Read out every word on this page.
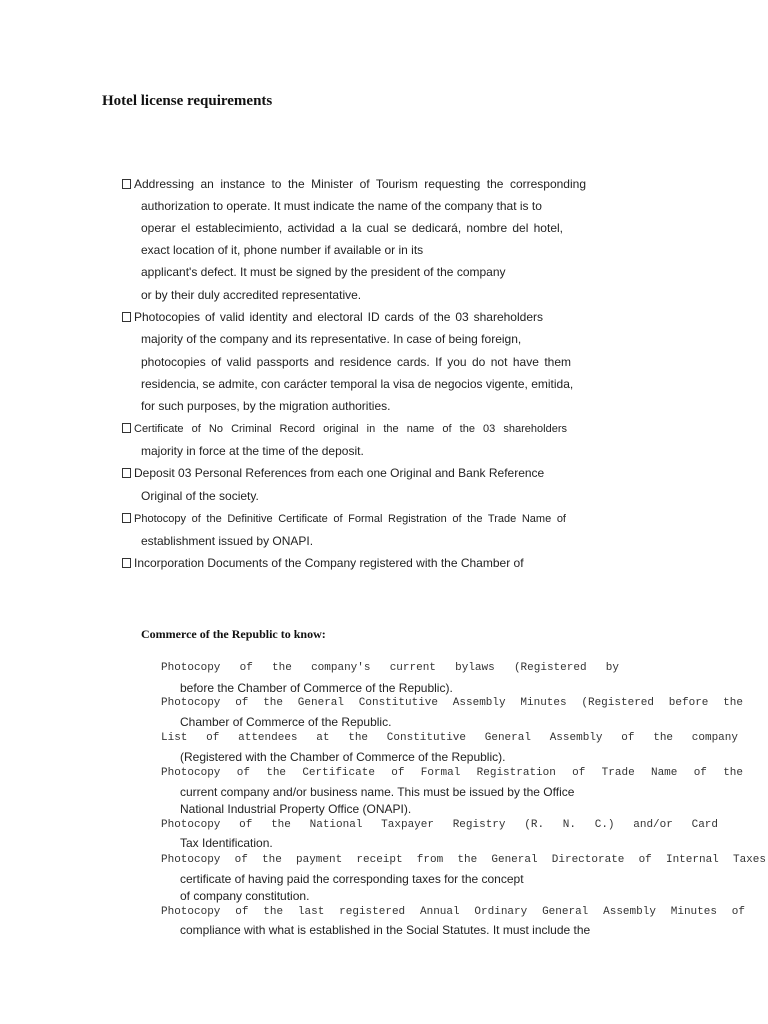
Hotel license requirements
Addressing an instance to the Minister of Tourism requesting the corresponding
authorization to operate. It must indicate the name of the company that is to
operar el establecimiento, actividad a la cual se dedicará, nombre del hotel,
exact location of it, phone number if available or in its
applicant's defect. It must be signed by the president of the company
or by their duly accredited representative.
Photocopies of valid identity and electoral ID cards of the 03 shareholders
majority of the company and its representative. In case of being foreign,
photocopies of valid passports and residence cards. If you do not have them
residencia, se admite, con carácter temporal la visa de negocios vigente, emitida,
for such purposes, by the migration authorities.
Certificate of No Criminal Record original in the name of the 03 shareholders
majority in force at the time of the deposit.
Deposit 03 Personal References from each one Original and Bank Reference
Original of the society.
Photocopy of the Definitive Certificate of Formal Registration of the Trade Name of
establishment issued by ONAPI.
Incorporation Documents of the Company registered with the Chamber of
Commerce of the Republic to know:
Photocopy of the company's current bylaws (Registered by
before the Chamber of Commerce of the Republic).
Photocopy of the General Constitutive Assembly Minutes (Registered before the
Chamber of Commerce of the Republic.
List of attendees at the Constitutive General Assembly of the company
(Registered with the Chamber of Commerce of the Republic).
Photocopy of the Certificate of Formal Registration of Trade Name of the
current company and/or business name. This must be issued by the Office
National Industrial Property Office (ONAPI).
Photocopy of the National Taxpayer Registry (R. N. C.) and/or Card
Tax Identification.
Photocopy of the payment receipt from the General Directorate of Internal Taxes
certificate of having paid the corresponding taxes for the concept
of company constitution.
Photocopy of the last registered Annual Ordinary General Assembly Minutes of
compliance with what is established in the Social Statutes. It must include the
